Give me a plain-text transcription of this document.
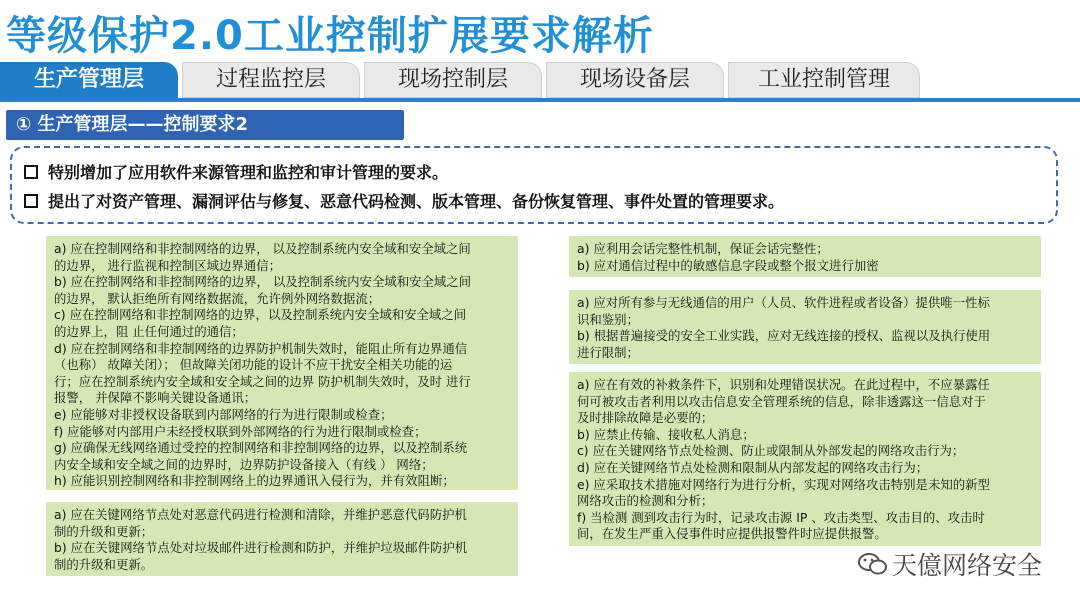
等级保护2.0工业控制扩展要求解析
生产管理层	过程监控层	现场控制层	现场设备层	工业控制管理
① 生产管理层——控制要求2
特别增加了应用软件来源管理和监控和审计管理的要求。
提出了对资产管理、漏洞评估与修复、恶意代码检测、版本管理、备份恢复管理、事件处置的管理要求。
a) 应在控制网络和非控制网络的边界， 以及控制系统内安全域和安全域之间
的边界， 进行监视和控制区域边界通信；
b) 应在控制网络和非控制网络的边界， 以及控制系统内安全域和安全域之间
的边界， 默认拒绝所有网络数据流，允许例外网络数据流；
c) 应在控制网络和非控制网络的边界，以及控制系统内安全域和安全域之间
的边界上，阻 止任何通过的通信；
d) 应在控制网络和非控制网络的边界防护机制失效时，能阻止所有边界通信
（也称） 故障关闭）； 但故障关闭功能的设计不应干扰安全相关功能的运
行；应在控制系统内安全域和安全域之间的边界 防护机制失效时，及时 进行
报警， 并保障不影响关键设备通讯；
e) 应能够对非授权设备联到内部网络的行为进行限制或检查；
f) 应能够对内部用户未经授权联到外部网络的行为进行限制或检查；
g) 应确保无线网络通过受控的控制网络和非控制网络的边界，以及控制系统
内安全域和安全域之间的边界时，边界防护设备接入（有线 ） 网络；
h) 应能识别控制网络和非控制网络上的边界通讯入侵行为，并有效阻断；
a) 应在关键网络节点处对恶意代码进行检测和清除，并维护恶意代码防护机
制的升级和更新；
b) 应在关键网络节点处对垃圾邮件进行检测和防护，并维护垃圾邮件防护机
制的升级和更新。
a) 应利用会话完整性机制，保证会话完整性；
b) 应对通信过程中的敏感信息字段或整个报文进行加密
a) 应对所有参与无线通信的用户（人员、软件进程或者设备）提供唯一性标
识和鉴别；
b) 根据普遍接受的安全工业实践，应对无线连接的授权、监视以及执行使用
进行限制；
a) 应在有效的补救条件下，识别和处理错误状况。在此过程中，不应暴露任
何可被攻击者利用以攻击信息安全管理系统的信息，除非透露这一信息对于
及时排除故障是必要的；
b) 应禁止传输、接收私人消息；
c) 应在关键网络节点处检测、防止或限制从外部发起的网络攻击行为；
d) 应在关键网络节点处检测和限制从内部发起的网络攻击行为；
e) 应采取技术措施对网络行为进行分析，实现对网络攻击特别是未知的新型
网络攻击的检测和分析；
f) 当检测 测到攻击行为时，记录攻击源 IP 、攻击类型、攻击目的、攻击时
间，在发生严重入侵事件时应提供报警件时应提供报警。
天億网络安全
